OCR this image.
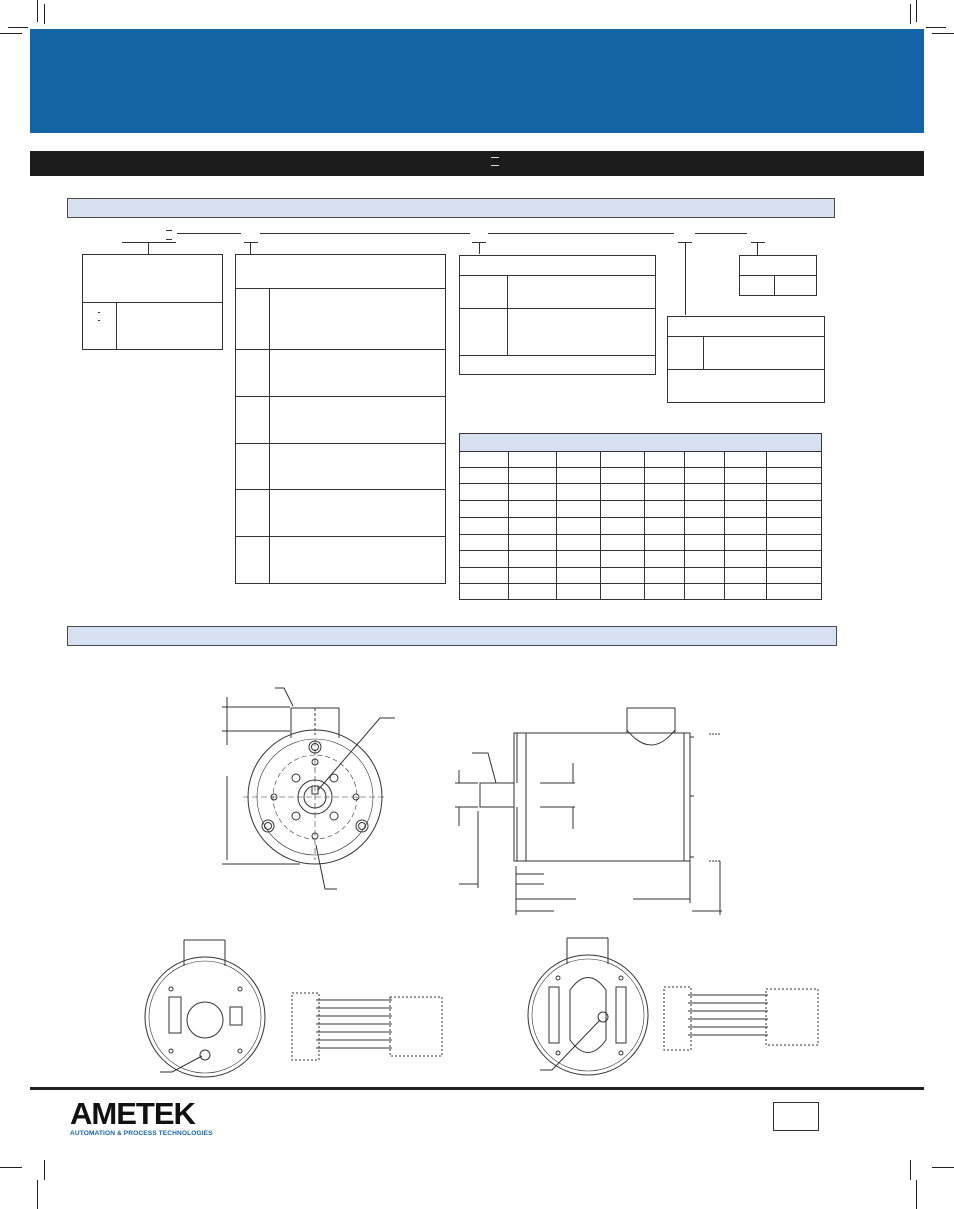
AMETEK
AUTOMATION & PROCESS TECHNOLOGIES
